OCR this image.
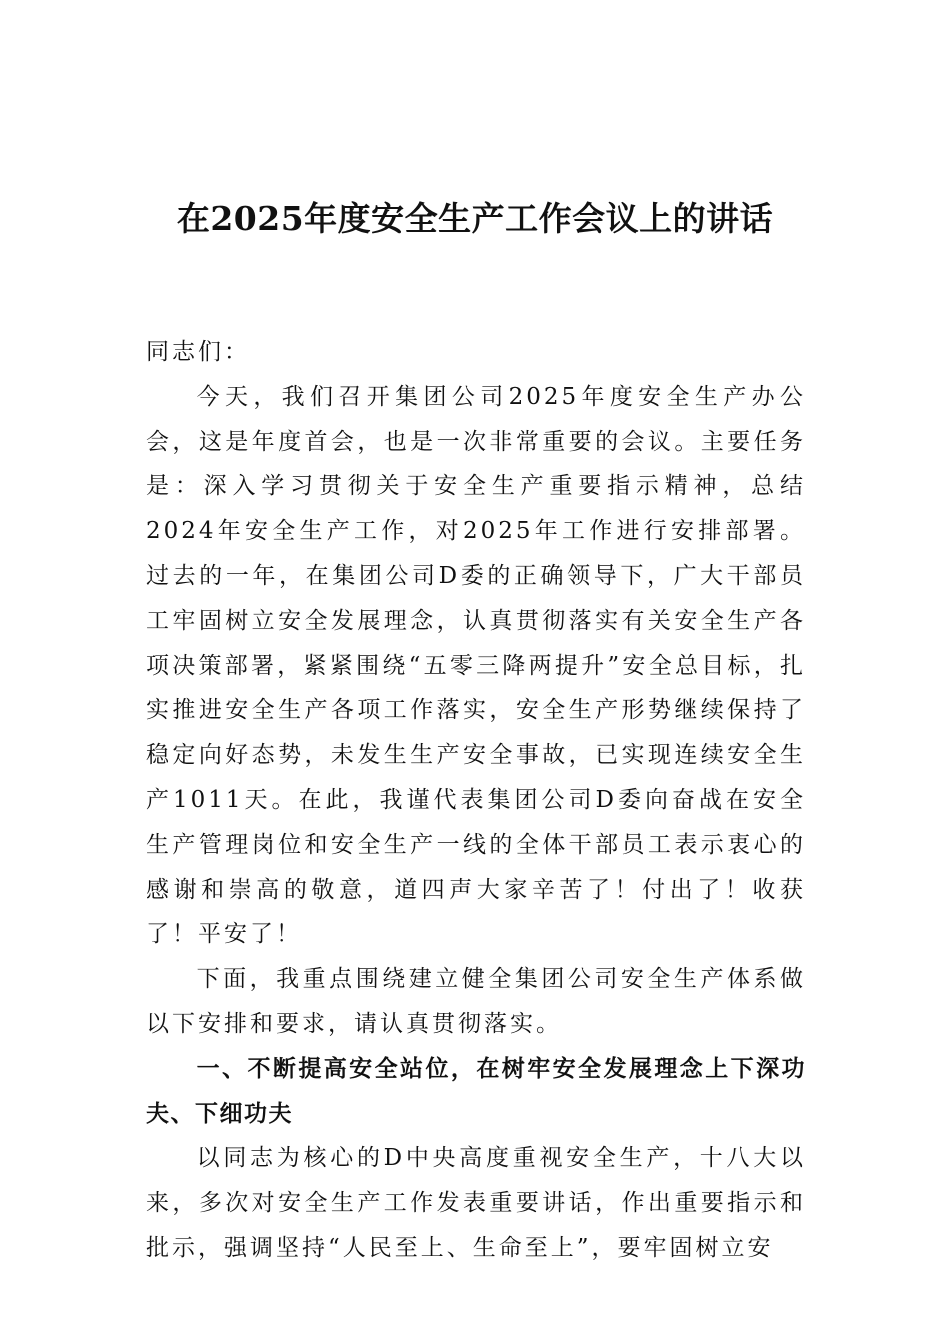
在2025年度安全生产工作会议上的讲话

同志们：

今天，我们召开集团公司2025年度安全生产办公会，这是年度首会，也是一次非常重要的会议。主要任务是：深入学习贯彻关于安全生产重要指示精神，总结2024年安全生产工作，对2025年工作进行安排部署。过去的一年，在集团公司D委的正确领导下，广大干部员工牢固树立安全发展理念，认真贯彻落实有关安全生产各项决策部署，紧紧围绕“五零三降两提升”安全总目标，扎实推进安全生产各项工作落实，安全生产形势继续保持了稳定向好态势，未发生生产安全事故，已实现连续安全生产1011天。在此，我谨代表集团公司D委向奋战在安全生产管理岗位和安全生产一线的全体干部员工表示衷心的感谢和崇高的敬意，道四声大家辛苦了！付出了！收获了！平安了！

下面，我重点围绕建立健全集团公司安全生产体系做以下安排和要求，请认真贯彻落实。

一、不断提高安全站位，在树牢安全发展理念上下深功夫、下细功夫

以同志为核心的D中央高度重视安全生产，十八大以来，多次对安全生产工作发表重要讲话，作出重要指示和批示，强调坚持“人民至上、生命至上”，要牢固树立安
